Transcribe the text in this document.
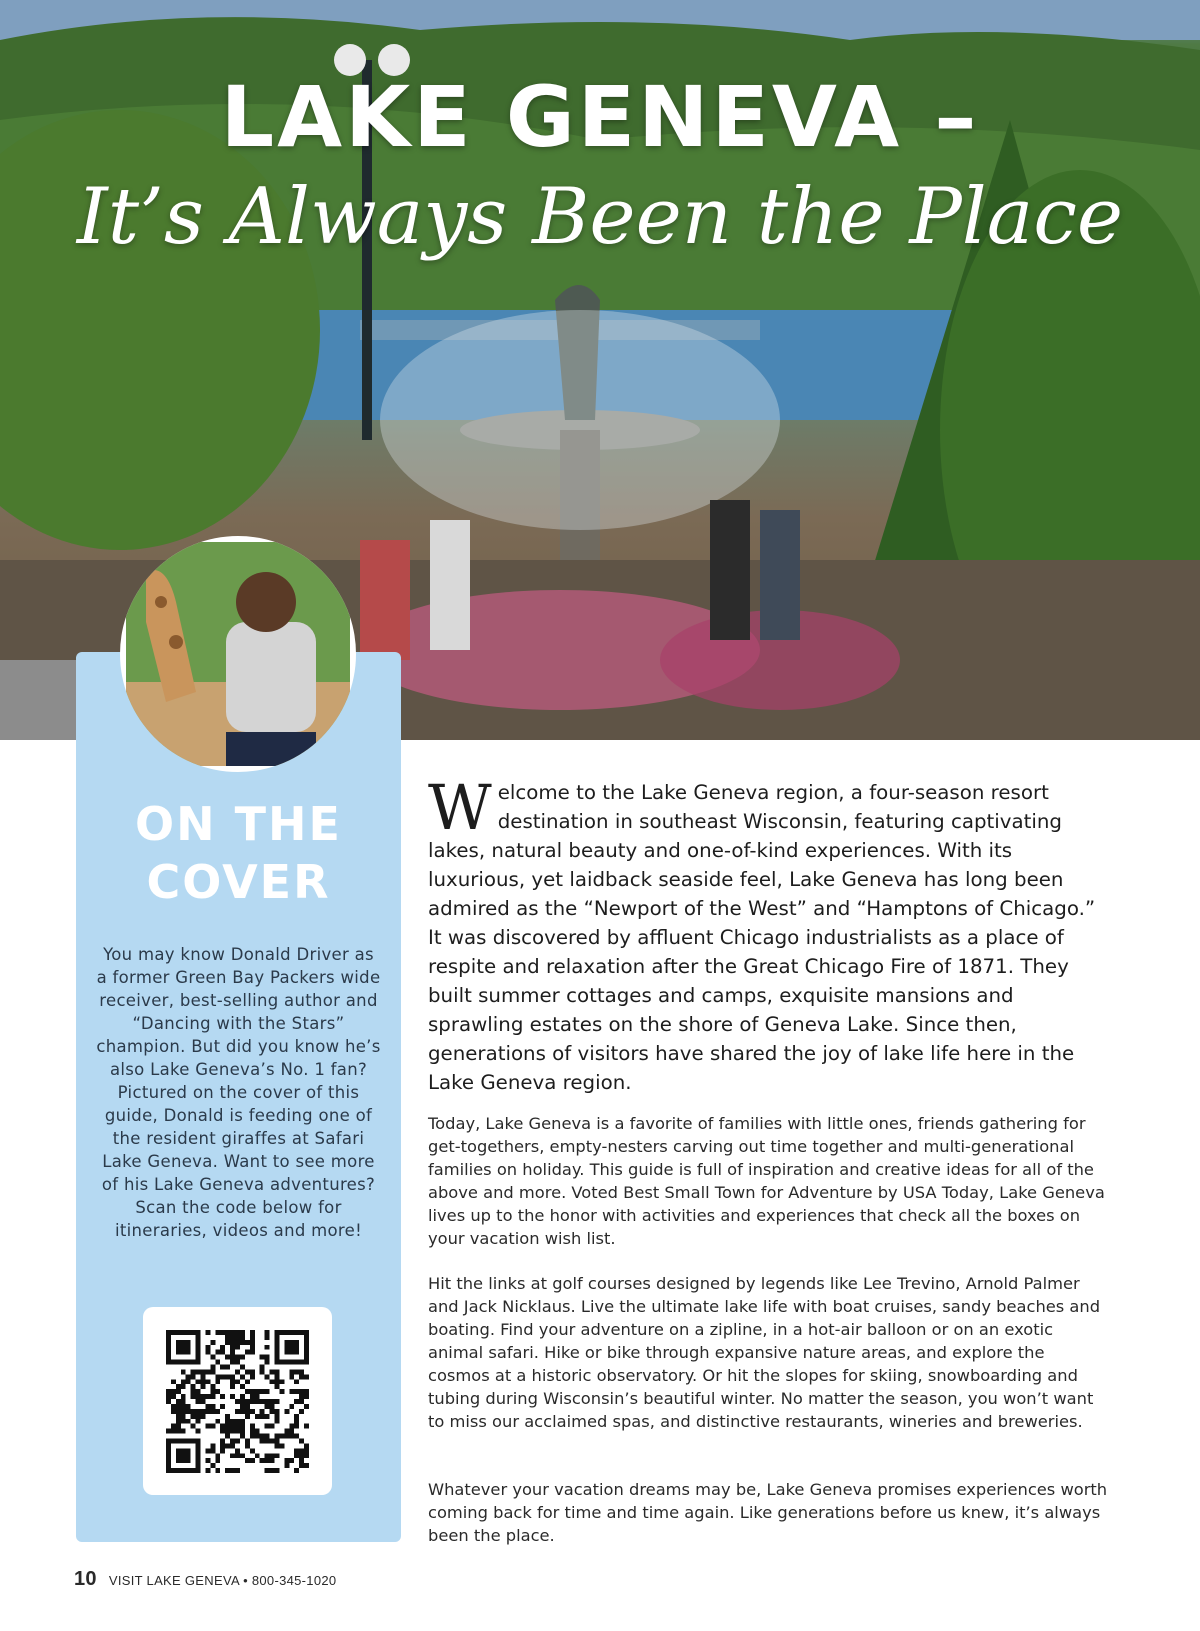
LAKE GENEVA –
It’s Always Been the Place
ON THE
COVER
You may know Donald Driver as a former Green Bay Packers wide receiver, best-selling author and “Dancing with the Stars” champion. But did you know he’s also Lake Geneva’s No. 1 fan? Pictured on the cover of this guide, Donald is feeding one of the resident giraffes at Safari Lake Geneva. Want to see more of his Lake Geneva adventures? Scan the code below for itineraries, videos and more!
Welcome to the Lake Geneva region, a four-season resort destination in southeast Wisconsin, featuring captivating lakes, natural beauty and one-of-kind experiences. With its luxurious, yet laidback seaside feel, Lake Geneva has long been admired as the “Newport of the West” and “Hamptons of Chicago.” It was discovered by affluent Chicago industrialists as a place of respite and relaxation after the Great Chicago Fire of 1871. They built summer cottages and camps, exquisite mansions and sprawling estates on the shore of Geneva Lake. Since then, generations of visitors have shared the joy of lake life here in the Lake Geneva region.
Today, Lake Geneva is a favorite of families with little ones, friends gathering for get-togethers, empty-nesters carving out time together and multi-generational families on holiday. This guide is full of inspiration and creative ideas for all of the above and more. Voted Best Small Town for Adventure by USA Today, Lake Geneva lives up to the honor with activities and experiences that check all the boxes on your vacation wish list.
Hit the links at golf courses designed by legends like Lee Trevino, Arnold Palmer and Jack Nicklaus. Live the ultimate lake life with boat cruises, sandy beaches and boating. Find your adventure on a zipline, in a hot-air balloon or on an exotic animal safari. Hike or bike through expansive nature areas, and explore the cosmos at a historic observatory. Or hit the slopes for skiing, snowboarding and tubing during Wisconsin’s beautiful winter. No matter the season, you won’t want to miss our acclaimed spas, and distinctive restaurants, wineries and breweries.
Whatever your vacation dreams may be, Lake Geneva promises experiences worth coming back for time and time again. Like generations before us knew, it’s always been the place.
10 VISIT LAKE GENEVA • 800-345-1020
